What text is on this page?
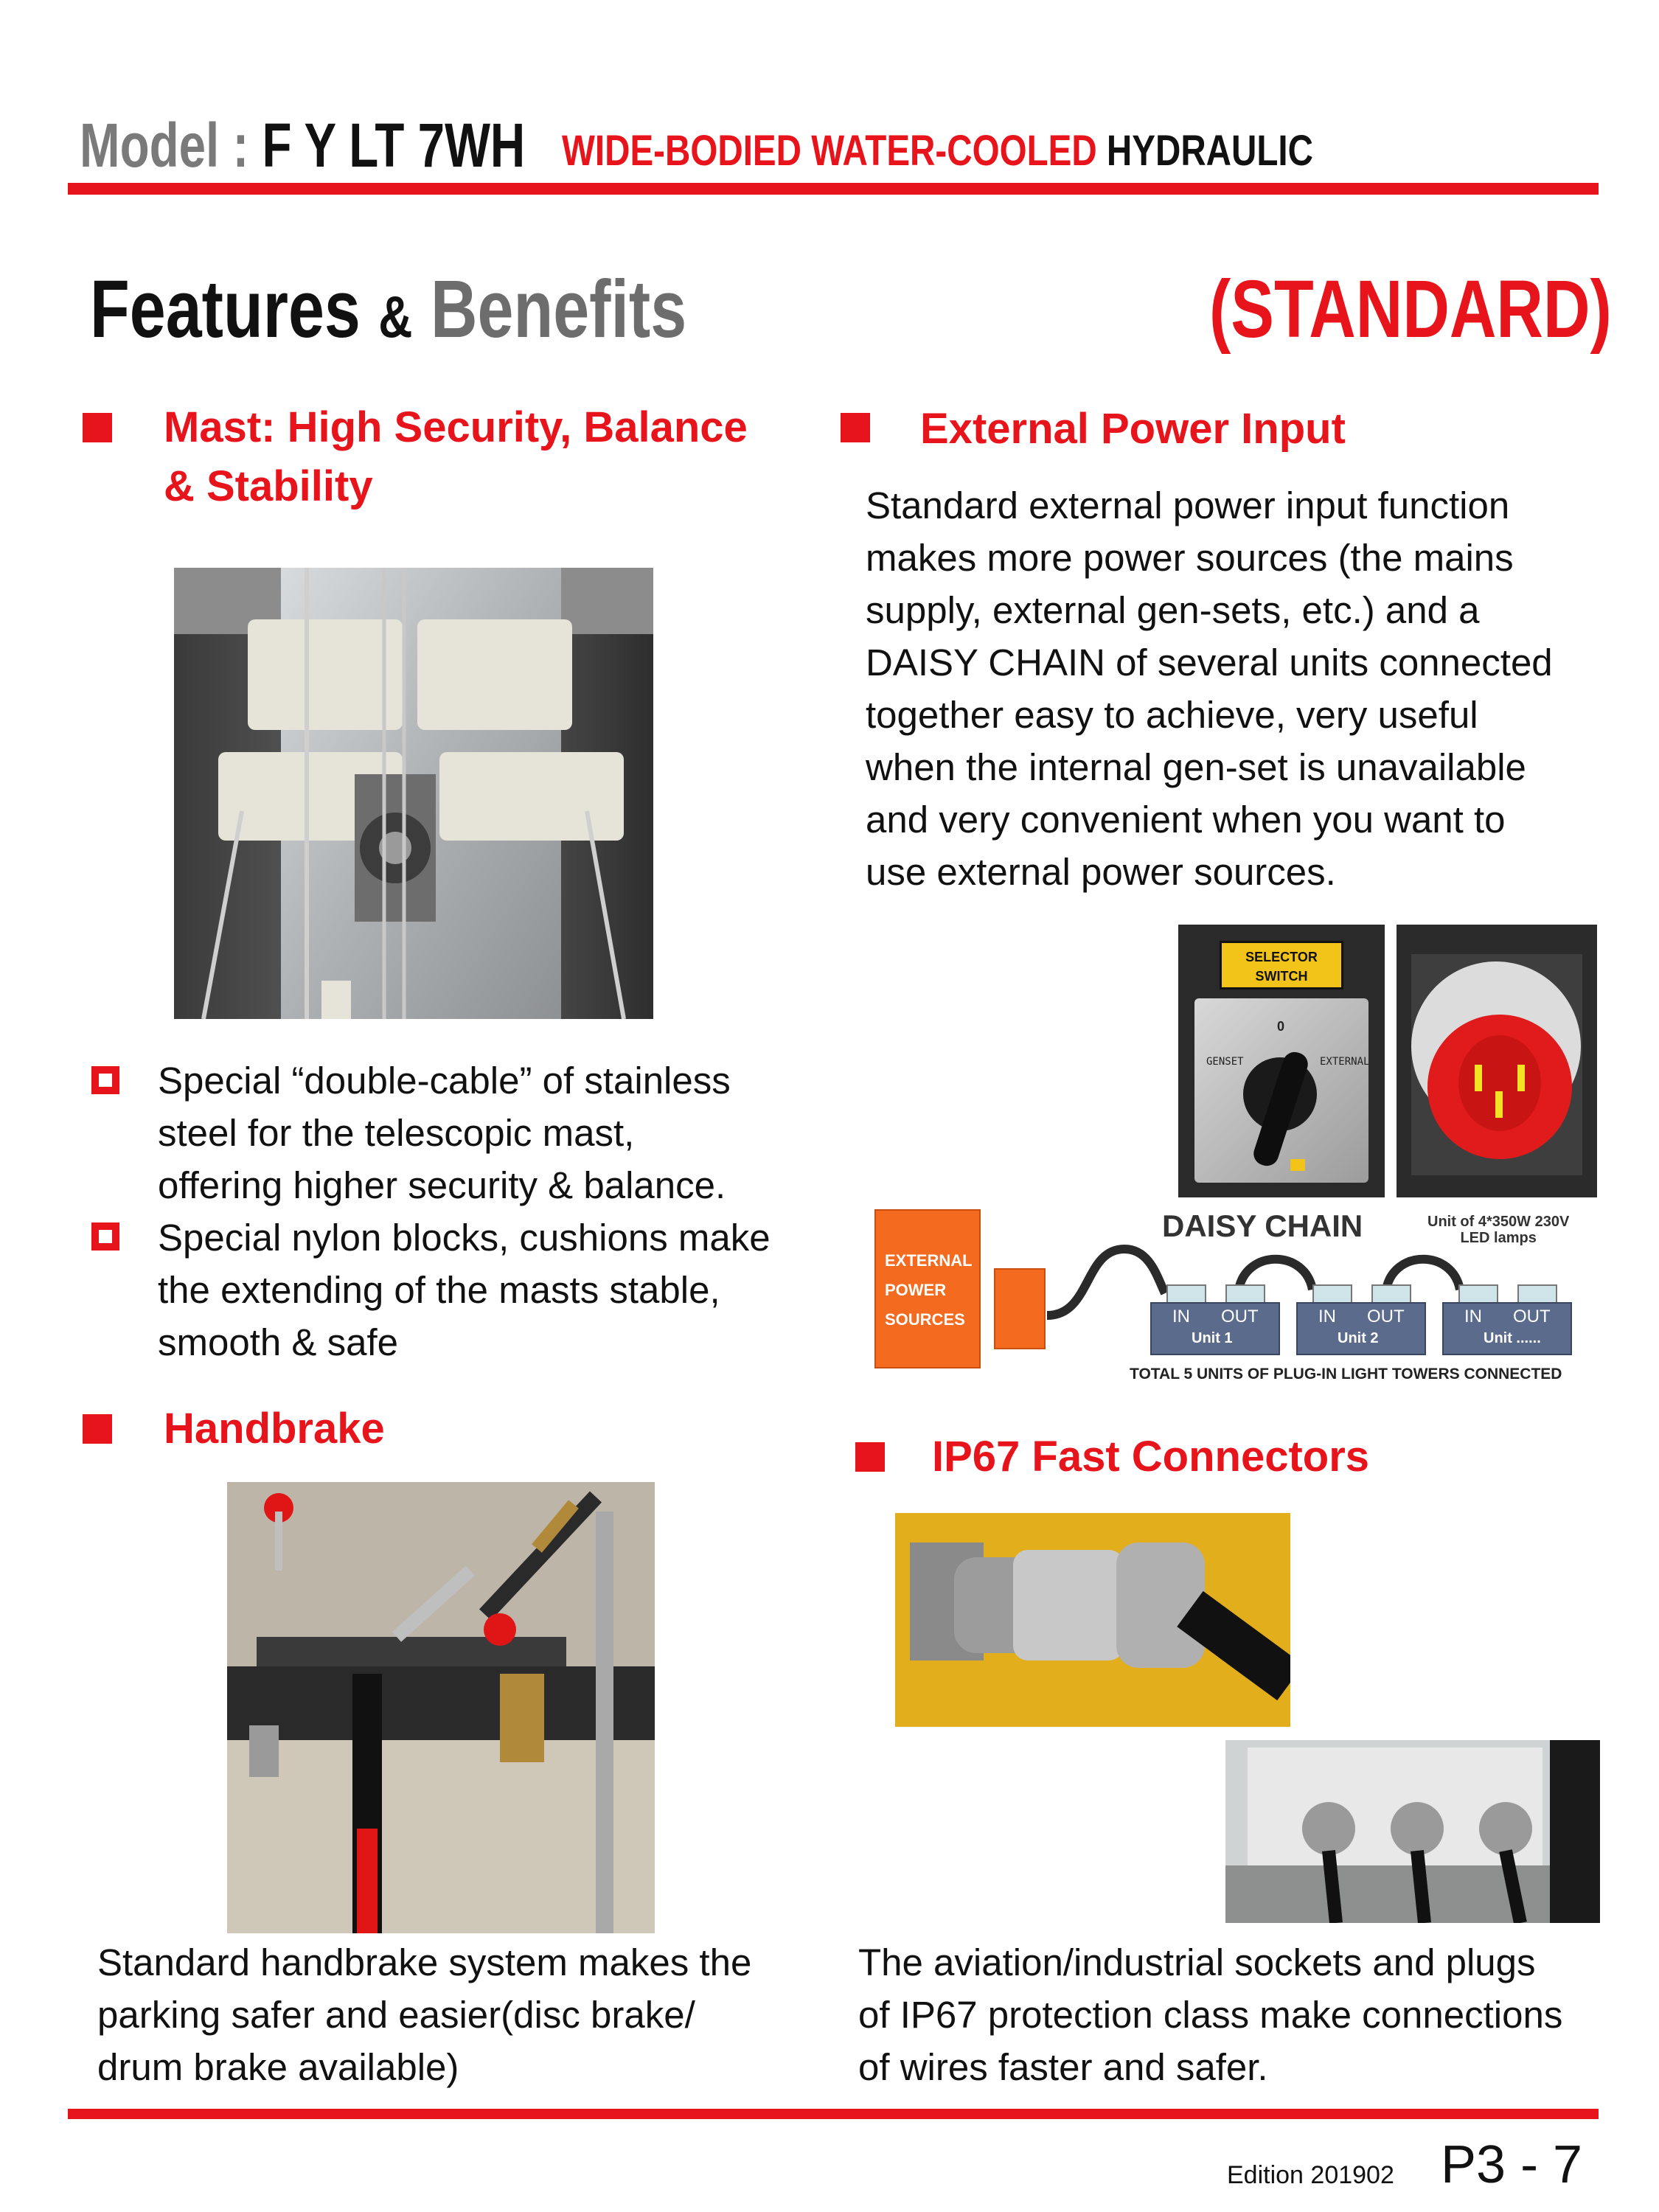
Model : F Y LT 7WH WIDE-BODIED WATER-COOLED HYDRAULIC
Features & Benefits	(STANDARD)
Mast: High Security, Balance
& Stability
Special “double-cable” of stainless
steel for the telescopic mast,
offering higher security & balance.
Special nylon blocks, cushions make
the extending of the masts stable,
smooth & safe
External Power Input
Standard external power input function
makes more power sources (the mains
supply, external gen-sets, etc.) and a
DAISY CHAIN of several units connected
together easy to achieve, very useful
when the internal gen-set is unavailable
and very convenient when you want to
use external power sources.
SELECTOR
SWITCH
0
GENSET	EXTERNAL
EXTERNAL
POWER
SOURCES
DAISY CHAIN	Unit of 4*350W 230V
LED lamps
IN OUT
Unit 1
IN OUT
Unit 2
IN OUT
Unit ......
TOTAL 5 UNITS OF PLUG-IN LIGHT TOWERS CONNECTED
Handbrake
Standard handbrake system makes the
parking safer and easier(disc brake/
drum brake available)
IP67 Fast Connectors
The aviation/industrial sockets and plugs
of IP67 protection class make connections
of wires faster and safer.
Edition 201902 P3 - 7
